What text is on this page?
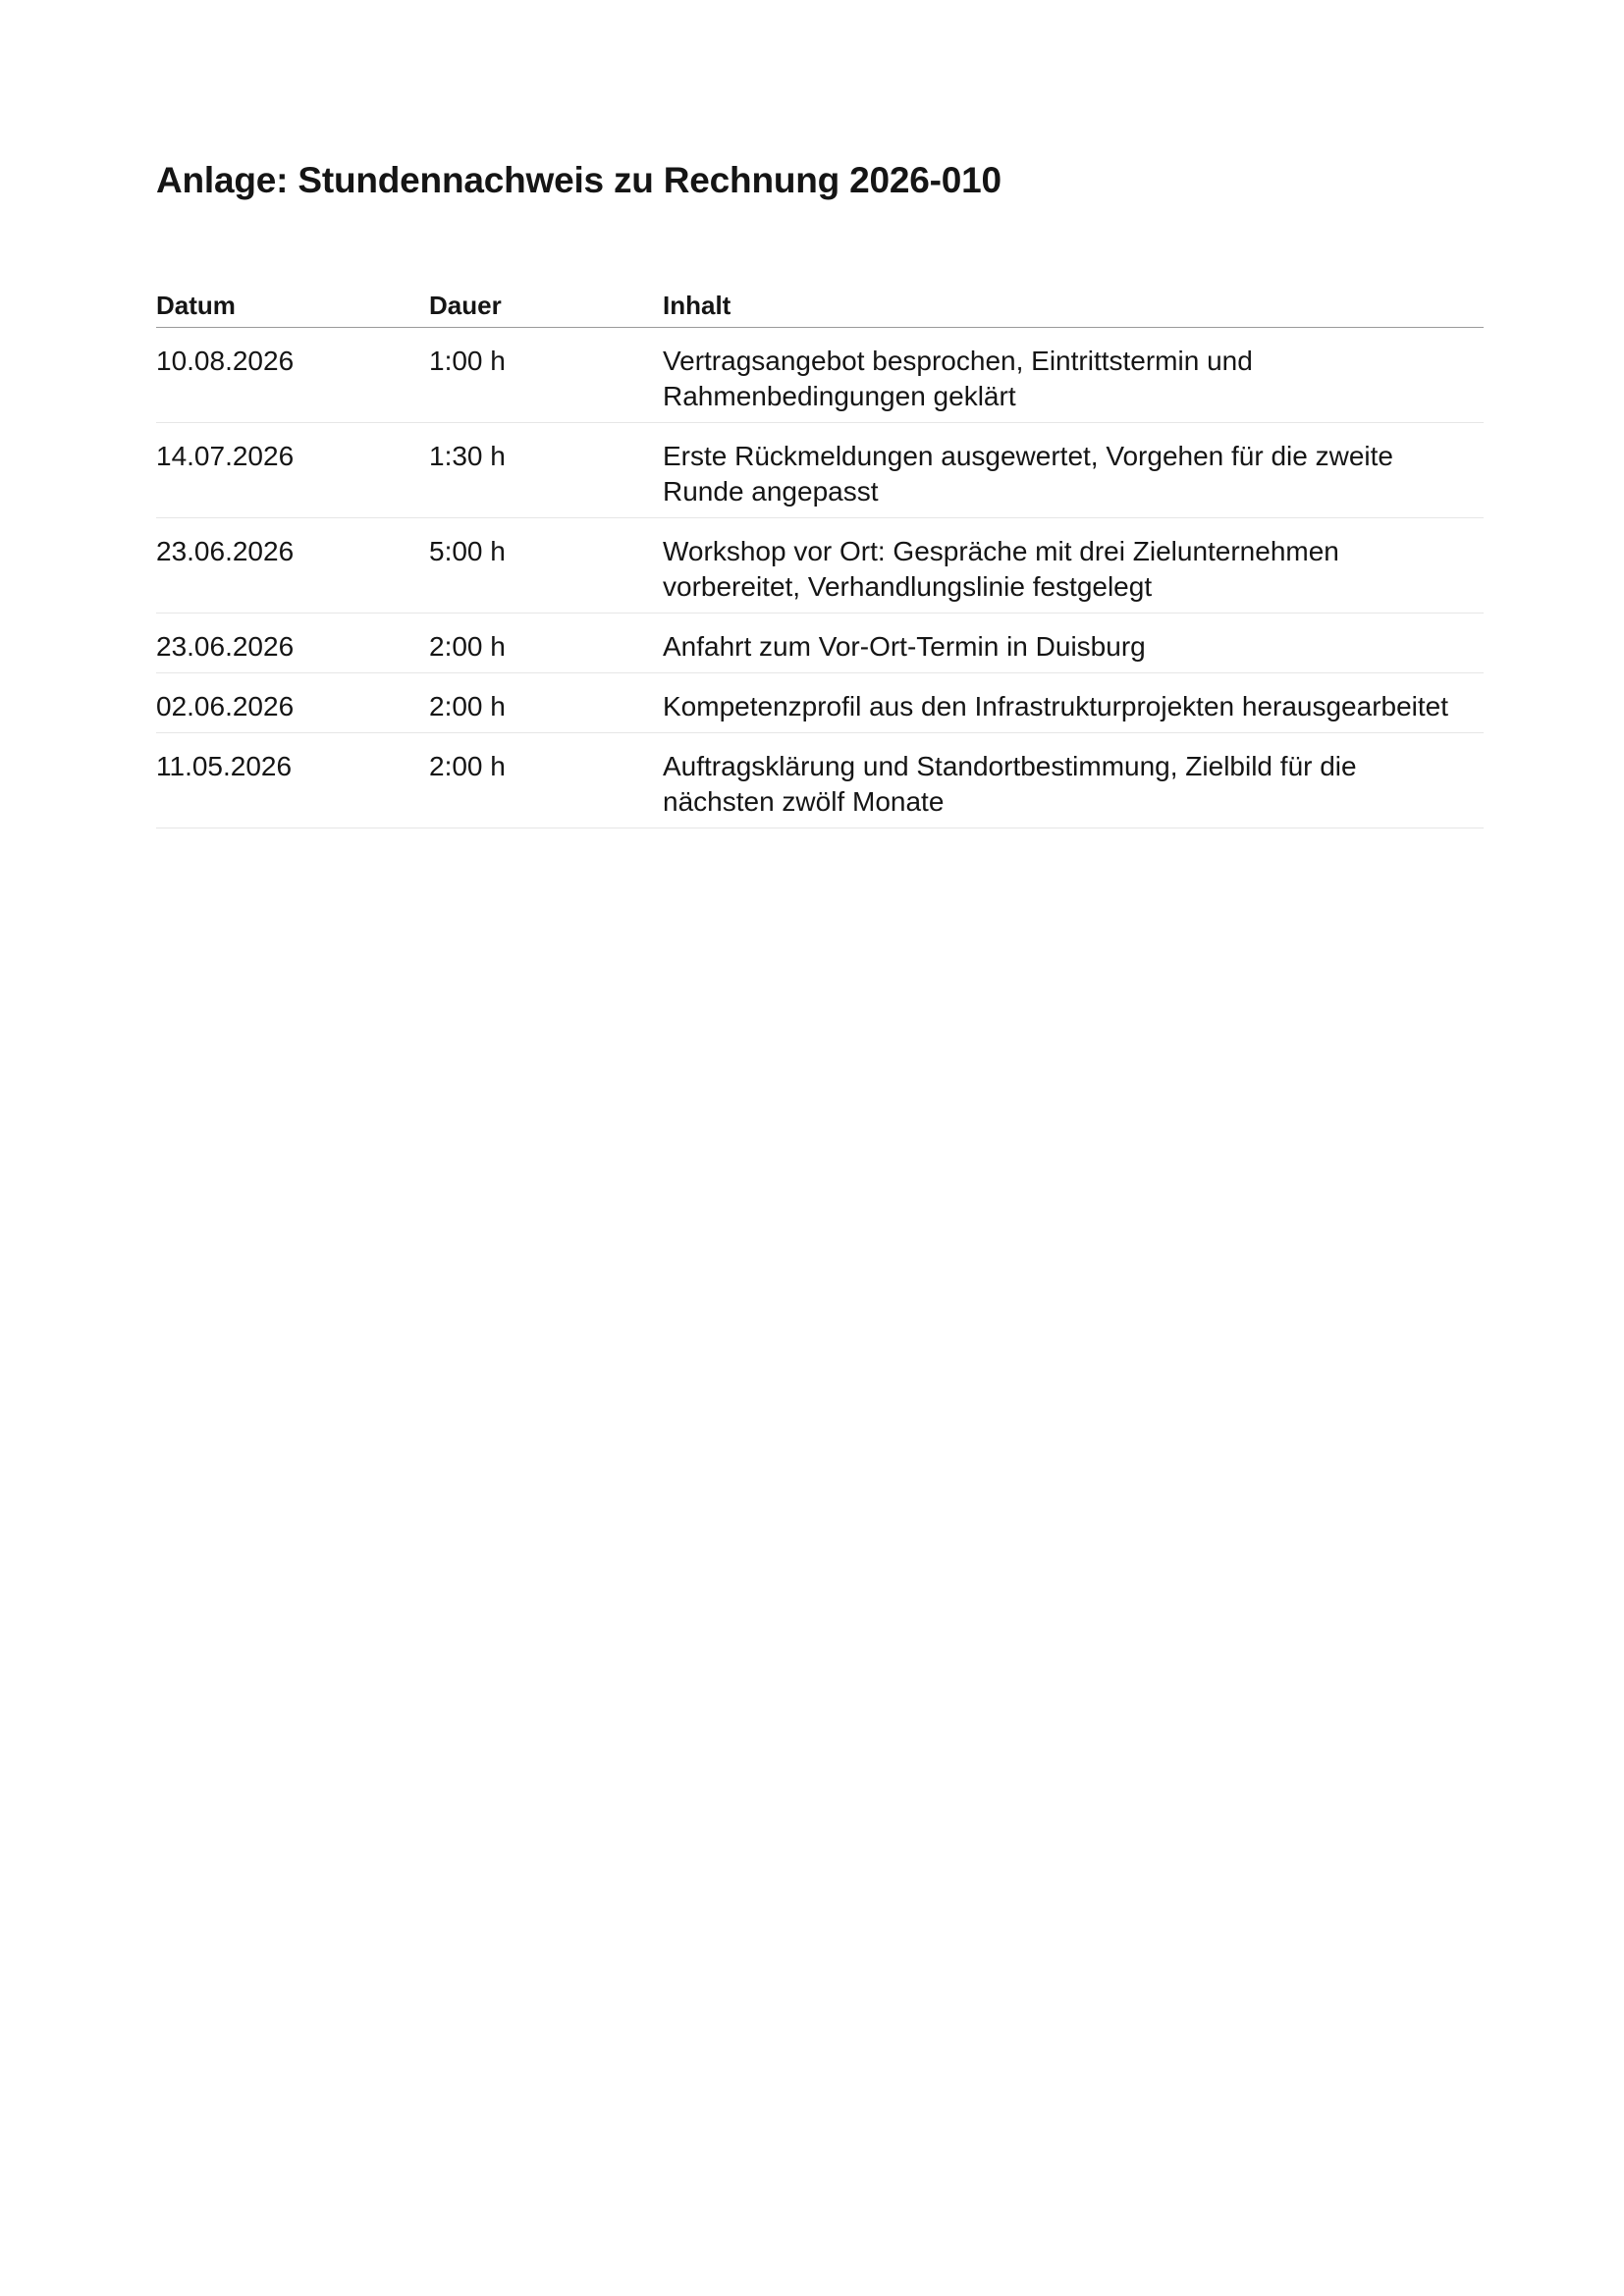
Anlage: Stundennachweis zu Rechnung 2026-010
Datum	Dauer	Inhalt
10.08.2026	1:00 h	Vertragsangebot besprochen, Eintrittstermin und
Rahmenbedingungen geklärt
14.07.2026	1:30 h	Erste Rückmeldungen ausgewertet, Vorgehen für die zweite
Runde angepasst
23.06.2026	5:00 h	Workshop vor Ort: Gespräche mit drei Zielunternehmen
vorbereitet, Verhandlungslinie festgelegt
23.06.2026	2:00 h	Anfahrt zum Vor-Ort-Termin in Duisburg
02.06.2026	2:00 h	Kompetenzprofil aus den Infrastrukturprojekten herausgearbeitet
11.05.2026	2:00 h	Auftragsklärung und Standortbestimmung, Zielbild für die
nächsten zwölf Monate
